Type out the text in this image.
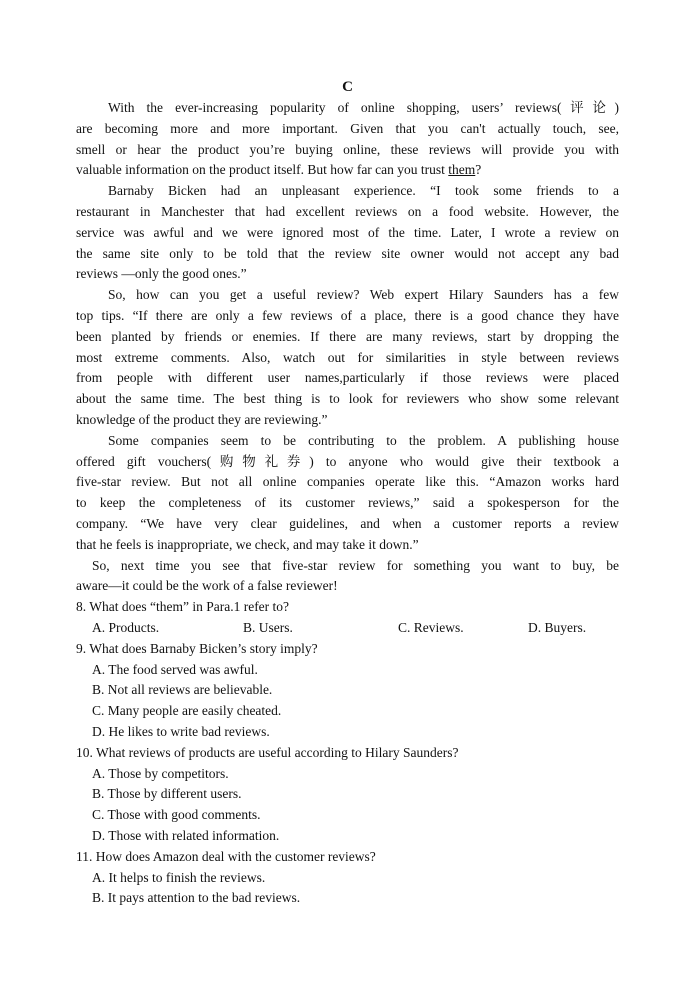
C
With the ever-increasing popularity of online shopping, users’ reviews(评论)
are becoming more and more important. Given that you can't actually touch, see,
smell or hear the product you’re buying online, these reviews will provide you with
valuable information on the product itself. But how far can you trust them?
Barnaby Bicken had an unpleasant experience. “I took some friends to a
restaurant in Manchester that had excellent reviews on a food website. However, the
service was awful and we were ignored most of the time. Later, I wrote a review on
the same site only to be told that the review site owner would not accept any bad
reviews —only the good ones.”
So, how can you get a useful review? Web expert Hilary Saunders has a few
top tips. “If there are only a few reviews of a place, there is a good chance they have
been planted by friends or enemies. If there are many reviews, start by dropping the
most extreme comments. Also, watch out for similarities in style between reviews
from people with different user names,particularly if those reviews were placed
about the same time. The best thing is to look for reviewers who show some relevant
knowledge of the product they are reviewing.”
Some companies seem to be contributing to the problem. A publishing house
offered gift vouchers(购物礼券) to anyone who would give their textbook a
five-star review. But not all online companies operate like this. “Amazon works hard
to keep the completeness of its customer reviews,” said a spokesperson for the
company. “We have very clear guidelines, and when a customer reports a review
that he feels is inappropriate, we check, and may take it down.”
So, next time you see that five-star review for something you want to buy, be
aware—it could be the work of a false reviewer!
8. What does “them” in Para.1 refer to?
A. Products.	B. Users.	C. Reviews.	D. Buyers.
9. What does Barnaby Bicken’s story imply?
A. The food served was awful.
B. Not all reviews are believable.
C. Many people are easily cheated.
D. He likes to write bad reviews.
10. What reviews of products are useful according to Hilary Saunders?
A. Those by competitors.
B. Those by different users.
C. Those with good comments.
D. Those with related information.
11. How does Amazon deal with the customer reviews?
A. It helps to finish the reviews.
B. It pays attention to the bad reviews.
